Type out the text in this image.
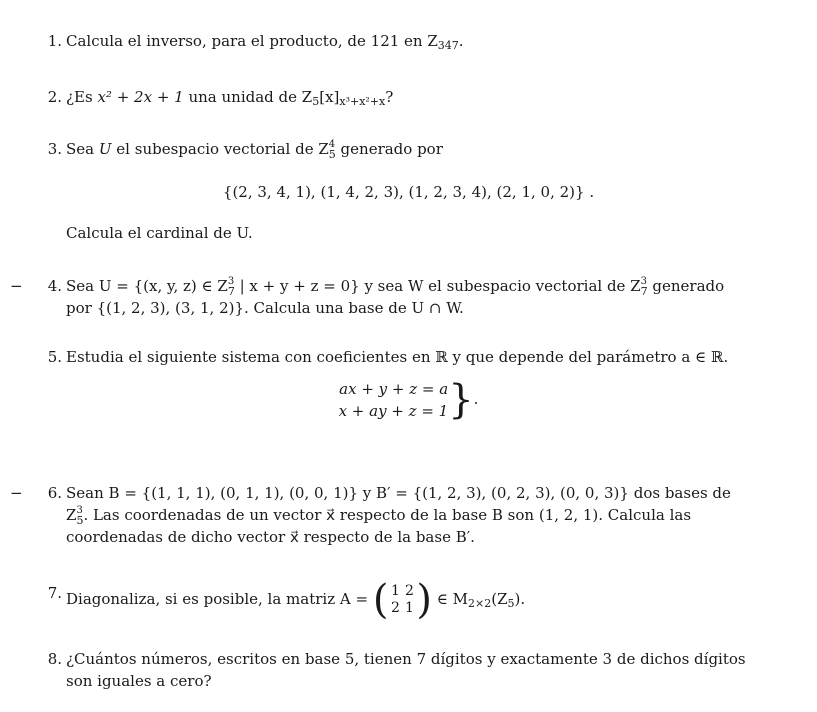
1. Calcula el inverso, para el producto, de 121 en $Z_{347}$.
2. ¿Es x² + 2x + 1 una unidad de $Z_5[x]_{x^3+x^2+x}$?
3. Sea U el subespacio vectorial de Z 4
5 generado por
{(2, 3, 4, 1), (1, 4, 2, 3), (1, 2, 3, 4), (2, 1, 0, 2)} .
Calcula el cardinal de U.
−	4. Sea U = {(x, y, z) ∈ Z 3
7 | x + y + z = 0} y sea W el subespacio vectorial de Z 3
7 generado
por {(1, 2, 3), (3, 1, 2)}. Calcula una base de U ∩ W.
5. Estudia el siguiente sistema con coeficientes en ℝ y que depende del parámetro a ∈ ℝ.
ax + y + z = a
x + ay + z = 1 }.
−	6. Sean B = {(1, 1, 1), (0, 1, 1), (0, 0, 1)} y B′ = {(1, 2, 3), (0, 2, 3), (0, 0, 3)} dos bases de
Z 3
5 . Las coordenadas de un vector x⃗ respecto de la base B son (1, 2, 1). Calcula las
coordenadas de dicho vector x⃗ respecto de la base B′.
7. Diagonaliza, si es posible, la matriz A = ( 1 2
2 1 ) ∈ $M_{2\times 2}(Z_5)$.
8. ¿Cuántos números, escritos en base 5, tienen 7 dígitos y exactamente 3 de dichos dígitos
son iguales a cero?
